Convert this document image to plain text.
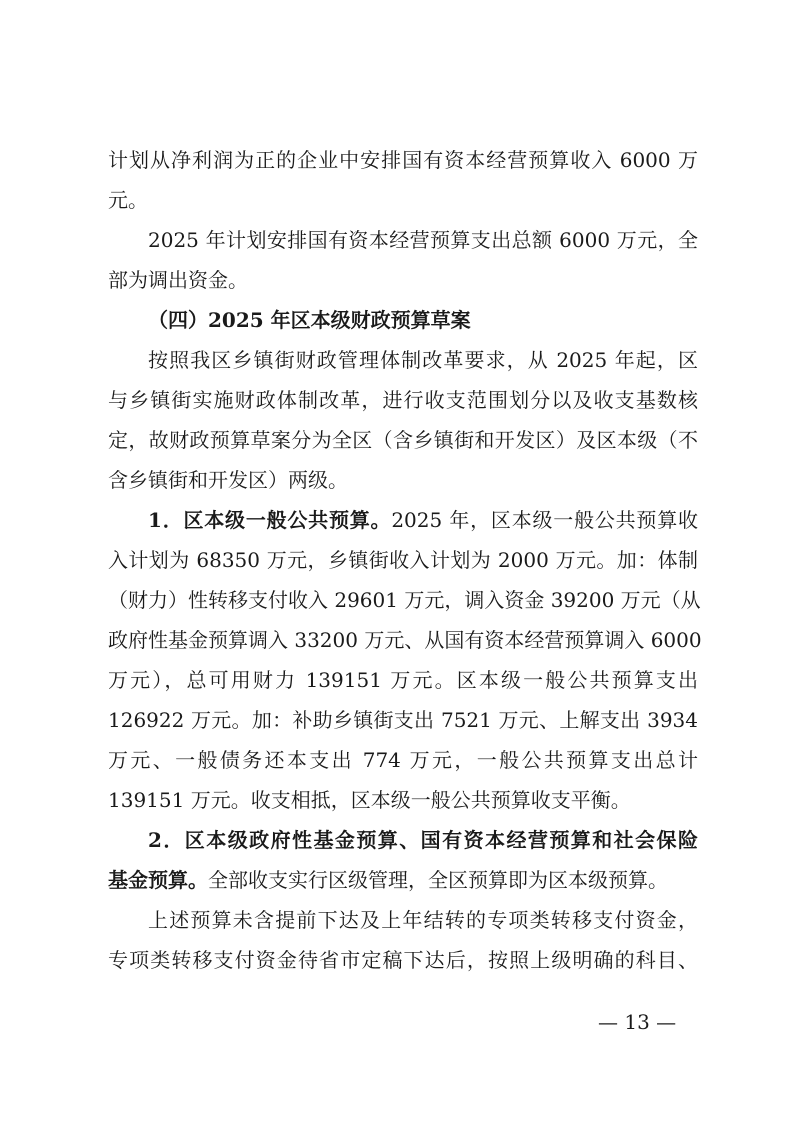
计划从净利润为正的企业中安排国有资本经营预算收入 6000 万
元。
2025 年计划安排国有资本经营预算支出总额 6000 万元，全
部为调出资金。
（四）2025 年区本级财政预算草案
按照我区乡镇街财政管理体制改革要求，从 2025 年起，区
与乡镇街实施财政体制改革，进行收支范围划分以及收支基数核
定，故财政预算草案分为全区（含乡镇街和开发区）及区本级（不
含乡镇街和开发区）两级。
1．区本级一般公共预算。2025 年，区本级一般公共预算收
入计划为 68350 万元，乡镇街收入计划为 2000 万元。加：体制
（财力）性转移支付收入 29601 万元，调入资金 39200 万元（从
政府性基金预算调入 33200 万元、从国有资本经营预算调入 6000
万元），总可用财力 139151 万元。区本级一般公共预算支出
126922 万元。加：补助乡镇街支出 7521 万元、上解支出 3934
万元、一般债务还本支出 774 万元，一般公共预算支出总计
139151 万元。收支相抵，区本级一般公共预算收支平衡。
2．区本级政府性基金预算、国有资本经营预算和社会保险
基金预算。全部收支实行区级管理，全区预算即为区本级预算。
上述预算未含提前下达及上年结转的专项类转移支付资金，
专项类转移支付资金待省市定稿下达后，按照上级明确的科目、
— 13 —
